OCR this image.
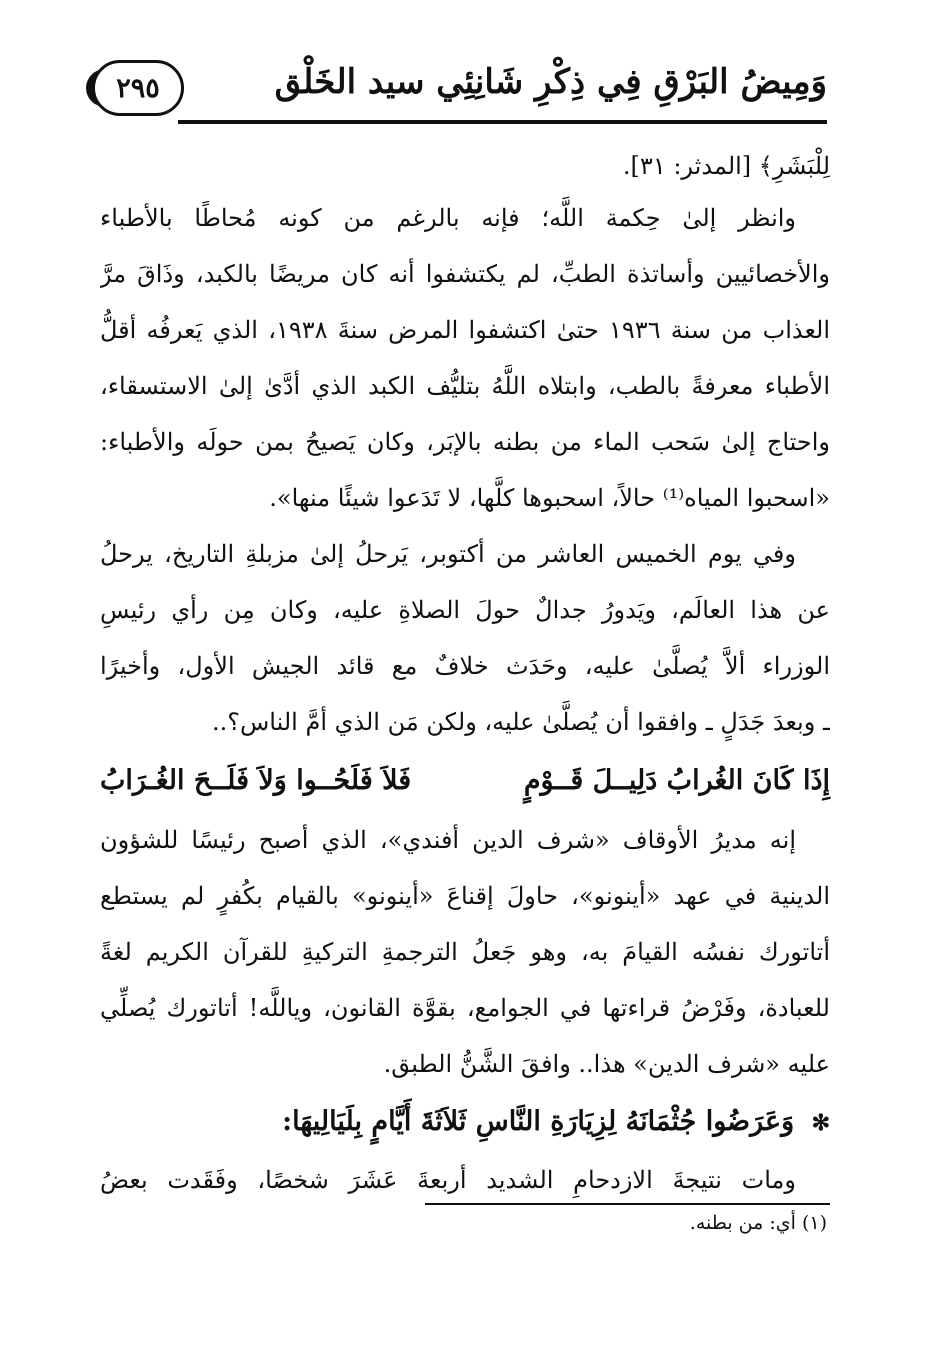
٢٩٥	وَمِيضُ البَرْقِ فِي ذِكْرِ شَانِئِي سيد الخَلْق
لِلْبَشَرِ﴾ [المدثر: ٣١].
وانظر إلىٰ حِكمة اللَّه؛ فإنه بالرغم من كونه مُحاطًا بالأطباء
والأخصائيين وأساتذة الطبِّ، لم يكتشفوا أنه كان مريضًا بالكبد، وذَاقَ مرَّ
العذاب من سنة ١٩٣٦ حتىٰ اكتشفوا المرض سنةَ ١٩٣٨، الذي يَعرفُه أقلُّ
الأطباء معرفةً بالطب، وابتلاه اللَّهُ بتليُّف الكبد الذي أدَّىٰ إلىٰ الاستسقاء،
واحتاج إلىٰ سَحب الماء من بطنه بالإبَر، وكان يَصيحُ بمن حولَه والأطباء:
«اسحبوا المياه⁽¹⁾ حالاً، اسحبوها كلَّها، لا تَدَعوا شيئًا منها».
وفي يوم الخميس العاشر من أكتوبر، يَرحلُ إلىٰ مزبلةِ التاريخ، يرحلُ
عن هذا العالَم، ويَدورُ جدالٌ حولَ الصلاةِ عليه، وكان مِن رأي رئيسِ
الوزراء ألاَّ يُصلَّىٰ عليه، وحَدَث خلافٌ مع قائد الجيش الأول، وأخيرًا
ـ وبعدَ جَدَلٍ ـ وافقوا أن يُصلَّىٰ عليه، ولكن مَن الذي أمَّ الناس؟..
إِذَا كَانَ الغُرابُ دَلِيــلَ قَــوْمٍ
فَلاَ فَلَحُــوا وَلاَ فَلَــحَ الغُـرَابُ
إنه مديرُ الأوقاف «شرف الدين أفندي»، الذي أصبح رئيسًا للشؤون
الدينية في عهد «أينونو»، حاولَ إقناعَ «أينونو» بالقيام بكُفرٍ لم يستطع
أتاتورك نفسُه القيامَ به، وهو جَعلُ الترجمةِ التركيةِ للقرآن الكريم لغةً
للعبادة، وفَرْضُ قراءتها في الجوامع، بقوَّة القانون، وياللَّه! أتاتورك يُصلِّي
عليه «شرف الدين» هذا.. وافقَ الشَّنُّ الطبق.
✻ وَعَرَضُوا جُثْمَانَهُ لِزِيَارَةِ النَّاسِ ثَلاَثَةَ أَيَّامٍ بِلَيَالِيهَا:
ومات نتيجةَ الازدحامِ الشديد أربعةَ عَشَرَ شخصًا، وفَقَدت بعضُ
(١) أي: من بطنه.
